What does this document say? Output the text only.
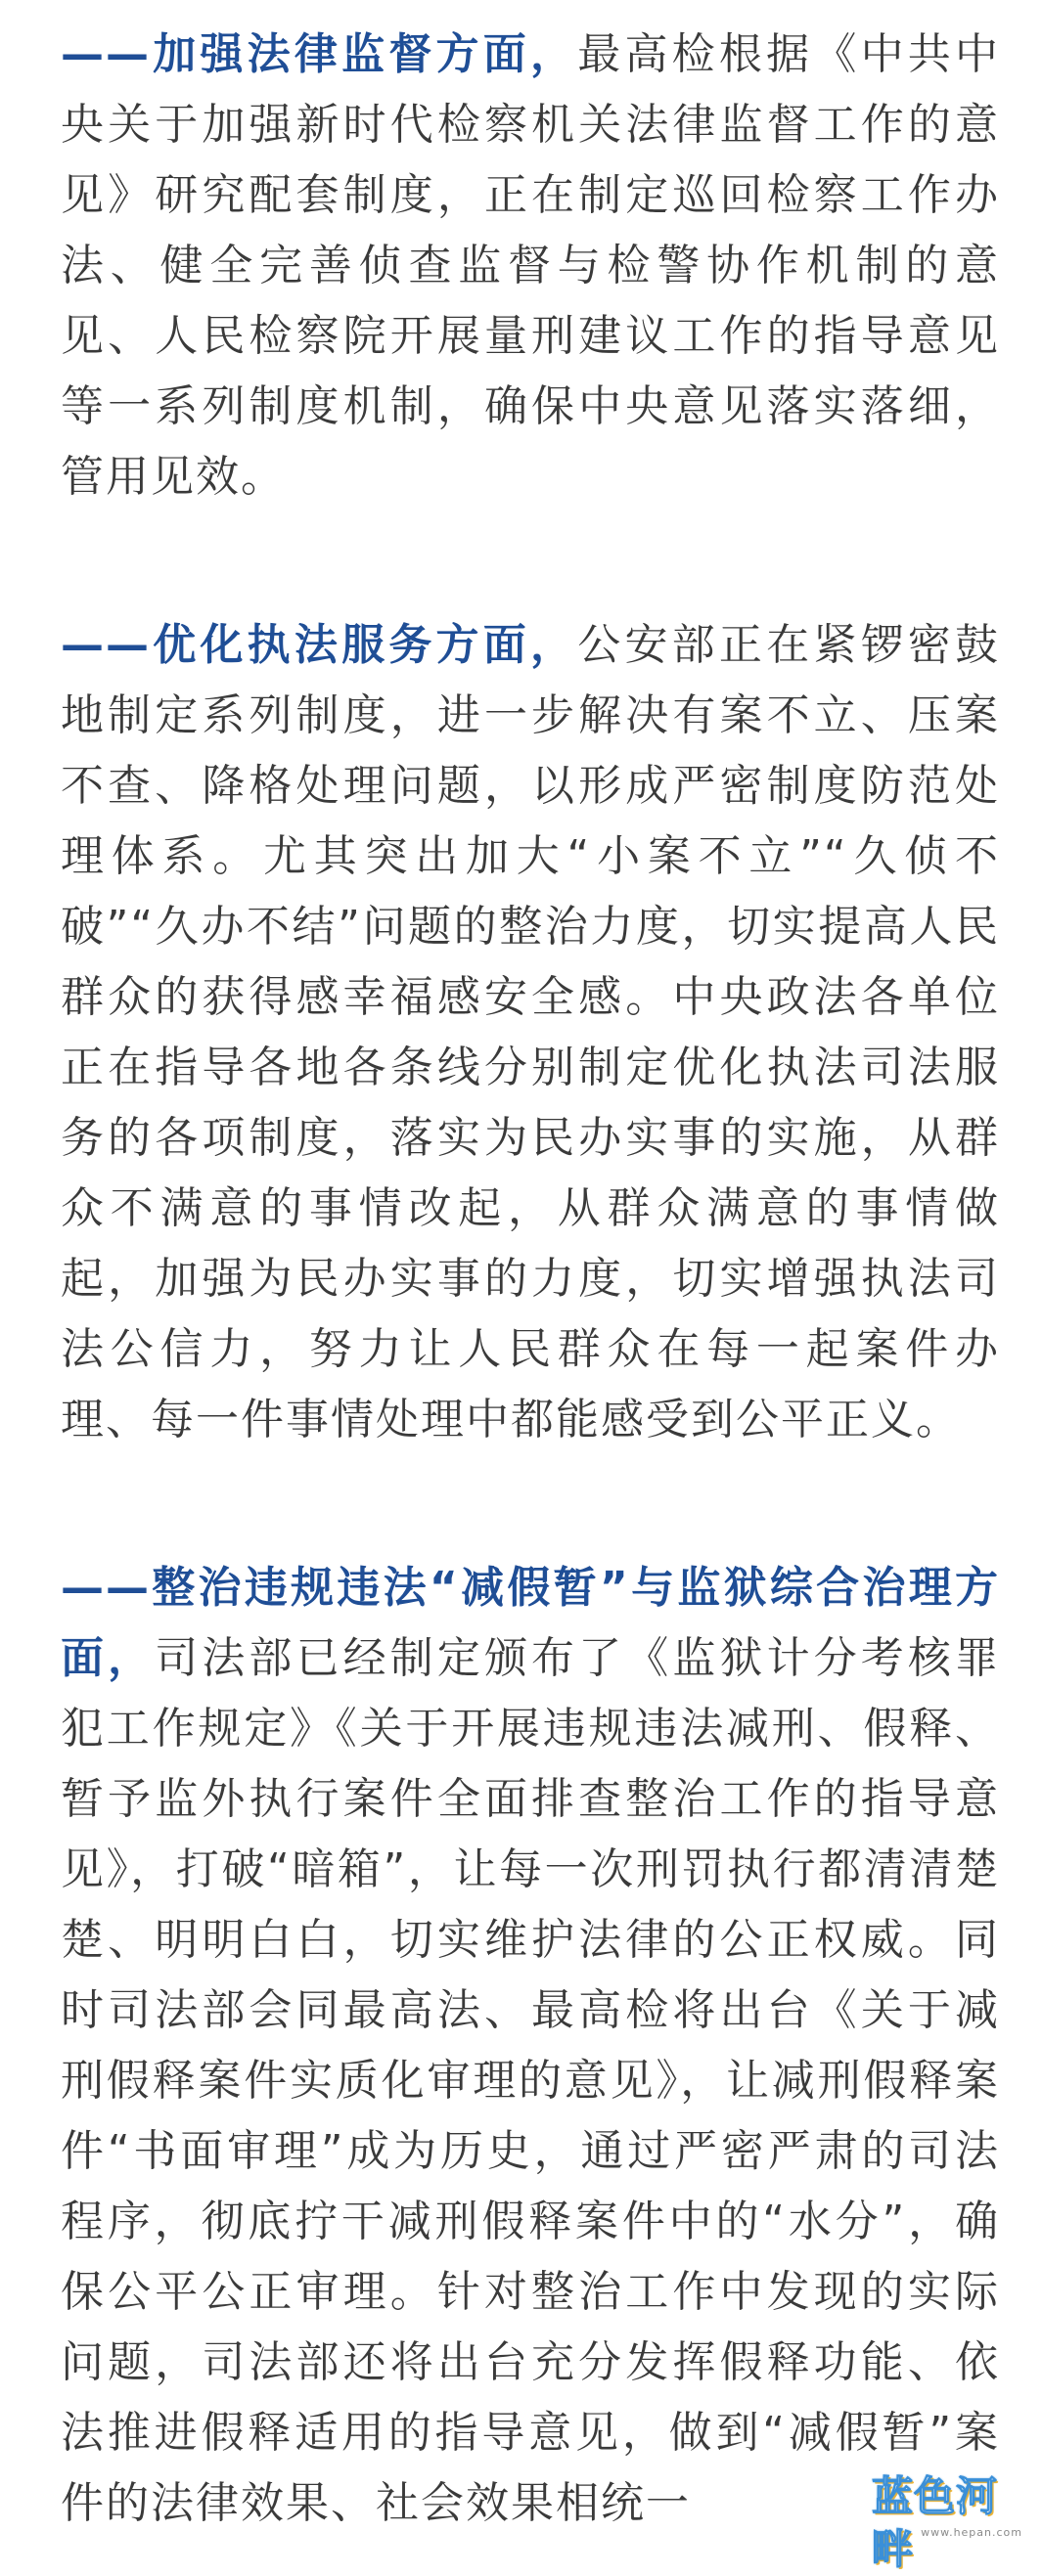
——加强法律监督方面，最高检根据《中共中央关于加强新时代检察机关法律监督工作的意见》研究配套制度，正在制定巡回检察工作办法、健全完善侦查监督与检警协作机制的意见、人民检察院开展量刑建议工作的指导意见等一系列制度机制，确保中央意见落实落细，管用见效。

——优化执法服务方面，公安部正在紧锣密鼓地制定系列制度，进一步解决有案不立、压案不查、降格处理问题，以形成严密制度防范处理体系。尤其突出加大“小案不立”“久侦不破”“久办不结”问题的整治力度，切实提高人民群众的获得感幸福感安全感。中央政法各单位正在指导各地各条线分别制定优化执法司法服务的各项制度，落实为民办实事的实施，从群众不满意的事情改起，从群众满意的事情做起，加强为民办实事的力度，切实增强执法司法公信力，努力让人民群众在每一起案件办理、每一件事情处理中都能感受到公平正义。

——整治违规违法“减假暂”与监狱综合治理方面，司法部已经制定颁布了《监狱计分考核罪犯工作规定》《关于开展违规违法减刑、假释、暂予监外执行案件全面排查整治工作的指导意见》，打破“暗箱”，让每一次刑罚执行都清清楚楚、明明白白，切实维护法律的公正权威。同时司法部会同最高法、最高检将出台《关于减刑假释案件实质化审理的意见》，让减刑假释案件“书面审理”成为历史，通过严密严肃的司法程序，彻底拧干减刑假释案件中的“水分”，确保公平公正审理。针对整治工作中发现的实际问题，司法部还将出台充分发挥假释功能、依法推进假释适用的指导意见，做到“减假暂”案件的法律效果、社会效果相统一	蓝色河畔 www.hepan.com
